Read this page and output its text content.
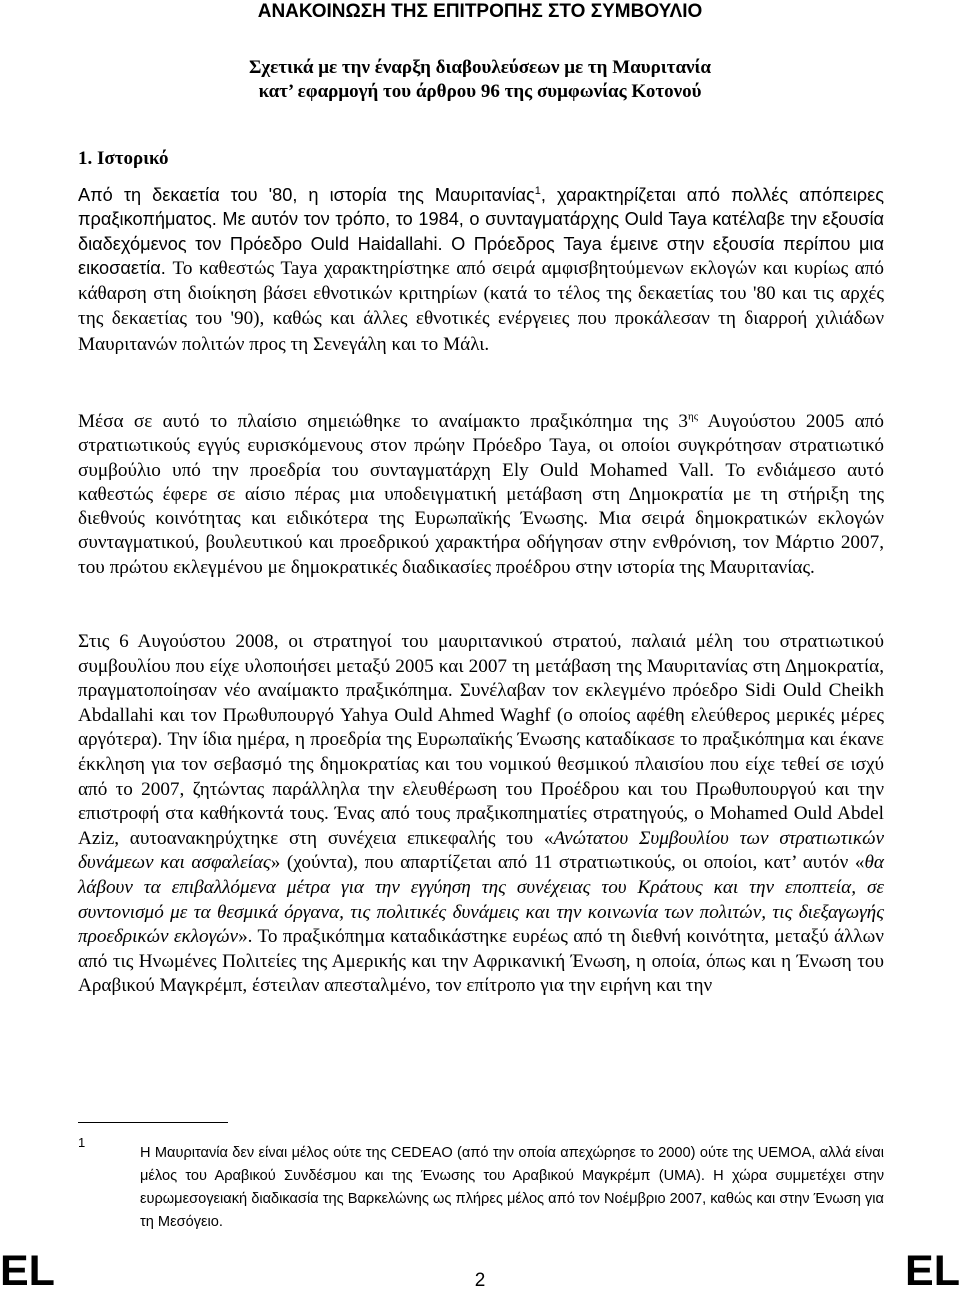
ΑΝΑΚΟΙΝΩΣΗ ΤΗΣ ΕΠΙΤΡΟΠΗΣ ΣΤΟ ΣΥΜΒΟΥΛΙΟ
Σχετικά με την έναρξη διαβουλεύσεων με τη Μαυριτανία
κατ’ εφαρμογή του άρθρου 96 της συμφωνίας Κοτονού
1. Ιστορικό

Από τη δεκαετία του '80, η ιστορία της Μαυριτανίας$^1$, χαρακτηρίζεται από πολλές απόπειρες πραξικοπήματος. Με αυτόν τον τρόπο, το 1984, ο συνταγματάρχης Ould Taya κατέλαβε την εξουσία διαδεχόμενος τον Πρόεδρο Ould Haidallahi. Ο Πρόεδρος Taya έμεινε στην εξουσία περίπου μια εικοσαετία. Το καθεστώς Taya χαρακτηρίστηκε από σειρά αμφισβητούμενων εκλογών και κυρίως από κάθαρση στη διοίκηση βάσει εθνοτικών κριτηρίων (κατά το τέλος της δεκαετίας του '80 και τις αρχές της δεκαετίας του '90), καθώς και άλλες εθνοτικές ενέργειες που προκάλεσαν τη διαρροή χιλιάδων Μαυριτανών πολιτών προς τη Σενεγάλη και το Μάλι.

Μέσα σε αυτό το πλαίσιο σημειώθηκε το αναίμακτο πραξικόπημα της $3^{\eta\varsigma}$ Αυγούστου 2005 από στρατιωτικούς εγγύς ευρισκόμενους στον πρώην Πρόεδρο Taya, οι οποίοι συγκρότησαν στρατιωτικό συμβούλιο υπό την προεδρία του συνταγματάρχη Ely Ould Mohamed Vall. Το ενδιάμεσο αυτό καθεστώς έφερε σε αίσιο πέρας μια υποδειγματική μετάβαση στη Δημοκρατία με τη στήριξη της διεθνούς κοινότητας και ειδικότερα της Ευρωπαϊκής Ένωσης. Μια σειρά δημοκρατικών εκλογών συνταγματικού, βουλευτικού και προεδρικού χαρακτήρα οδήγησαν στην ενθρόνιση, τον Μάρτιο 2007, του πρώτου εκλεγμένου με δημοκρατικές διαδικασίες προέδρου στην ιστορία της Μαυριτανίας.

Στις 6 Αυγούστου 2008, οι στρατηγοί του μαυριτανικού στρατού, παλαιά μέλη του στρατιωτικού συμβουλίου που είχε υλοποιήσει μεταξύ 2005 και 2007 τη μετάβαση της Μαυριτανίας στη Δημοκρατία, πραγματοποίησαν νέο αναίμακτο πραξικόπημα. Συνέλαβαν τον εκλεγμένο πρόεδρο Sidi Ould Cheikh Abdallahi και τον Πρωθυπουργό Yahya Ould Ahmed Waghf (ο οποίος αφέθη ελεύθερος μερικές μέρες αργότερα). Την ίδια ημέρα, η προεδρία της Ευρωπαϊκής Ένωσης καταδίκασε το πραξικόπημα και έκανε έκκληση για τον σεβασμό της δημοκρατίας και του νομικού θεσμικού πλαισίου που είχε τεθεί σε ισχύ από το 2007, ζητώντας παράλληλα την ελευθέρωση του Προέδρου και του Πρωθυπουργού και την επιστροφή στα καθήκοντά τους. Ένας από τους πραξικοπηματίες στρατηγούς, ο Mohamed Ould Abdel Aziz, αυτοανακηρύχτηκε στη συνέχεια επικεφαλής του «Ανώτατου Συμβουλίου των στρατιωτικών δυνάμεων και ασφαλείας» (χούντα), που απαρτίζεται από 11 στρατιωτικούς, οι οποίοι, κατ’ αυτόν «θα λάβουν τα επιβαλλόμενα μέτρα για την εγγύηση της συνέχειας του Κράτους και την εποπτεία, σε συντονισμό με τα θεσμικά όργανα, τις πολιτικές δυνάμεις και την κοινωνία των πολιτών, τις διεξαγωγής προεδρικών εκλογών». Το πραξικόπημα καταδικάστηκε ευρέως από τη διεθνή κοινότητα, μεταξύ άλλων από τις Ηνωμένες Πολιτείες της Αμερικής και την Αφρικανική Ένωση, η οποία, όπως και η Ένωση του Αραβικού Μαγκρέμπ, έστειλαν απεσταλμένο, τον επίτροπο για την ειρήνη και την

1

Η Μαυριτανία δεν είναι μέλος ούτε της CEDEAO (από την οποία απεχώρησε το 2000) ούτε της UEMOA, αλλά είναι μέλος του Αραβικού Συνδέσμου και της Ένωσης του Αραβικού Μαγκρέμπ (UMA). Η χώρα συμμετέχει στην ευρωμεσογειακή διαδικασία της Βαρκελώνης ως πλήρες μέλος από τον Νοέμβριο 2007, καθώς και στην Ένωση για τη Μεσόγειο.

EL	2	EL
